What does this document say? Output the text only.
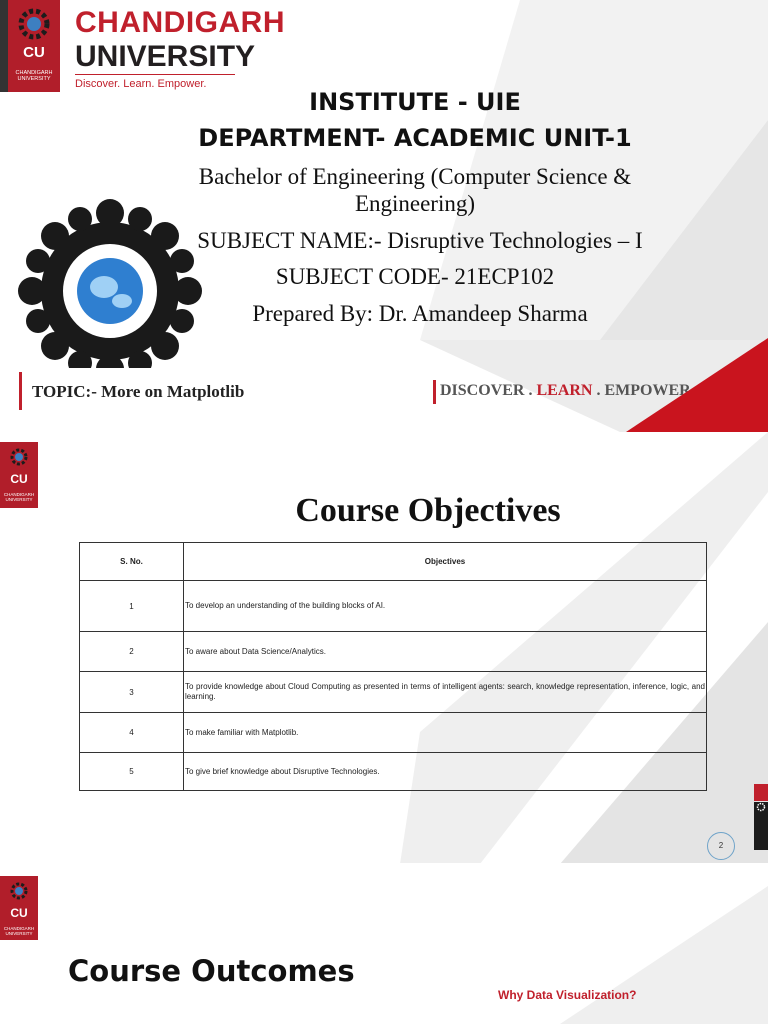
CU
CHANDIGARH UNIVERSITY
CHANDIGARH
UNIVERSITY
Discover. Learn. Empower.
INSTITUTE - UIE
DEPARTMENT- ACADEMIC UNIT-1
Bachelor of Engineering (Computer Science & Engineering)
SUBJECT NAME:- Disruptive Technologies – I
SUBJECT CODE- 21ECP102
Prepared By: Dr. Amandeep Sharma
TOPIC:- More on Matplotlib	DISCOVER . LEARN . EMPOWER
CU
CHANDIGARH UNIVERSITY	Course Objectives
S. No.	Objectives
1	To develop an understanding of the building blocks of AI.
2	To aware about Data Science/Analytics.
3	To provide knowledge about Cloud Computing as presented in terms of intelligent agents: search, knowledge representation, inference, logic, and learning.
4	To make familiar with Matplotlib.
5	To give brief knowledge about Disruptive Technologies.
2
CU
CHANDIGARH UNIVERSITY
Course Outcomes
Why Data Visualization?
